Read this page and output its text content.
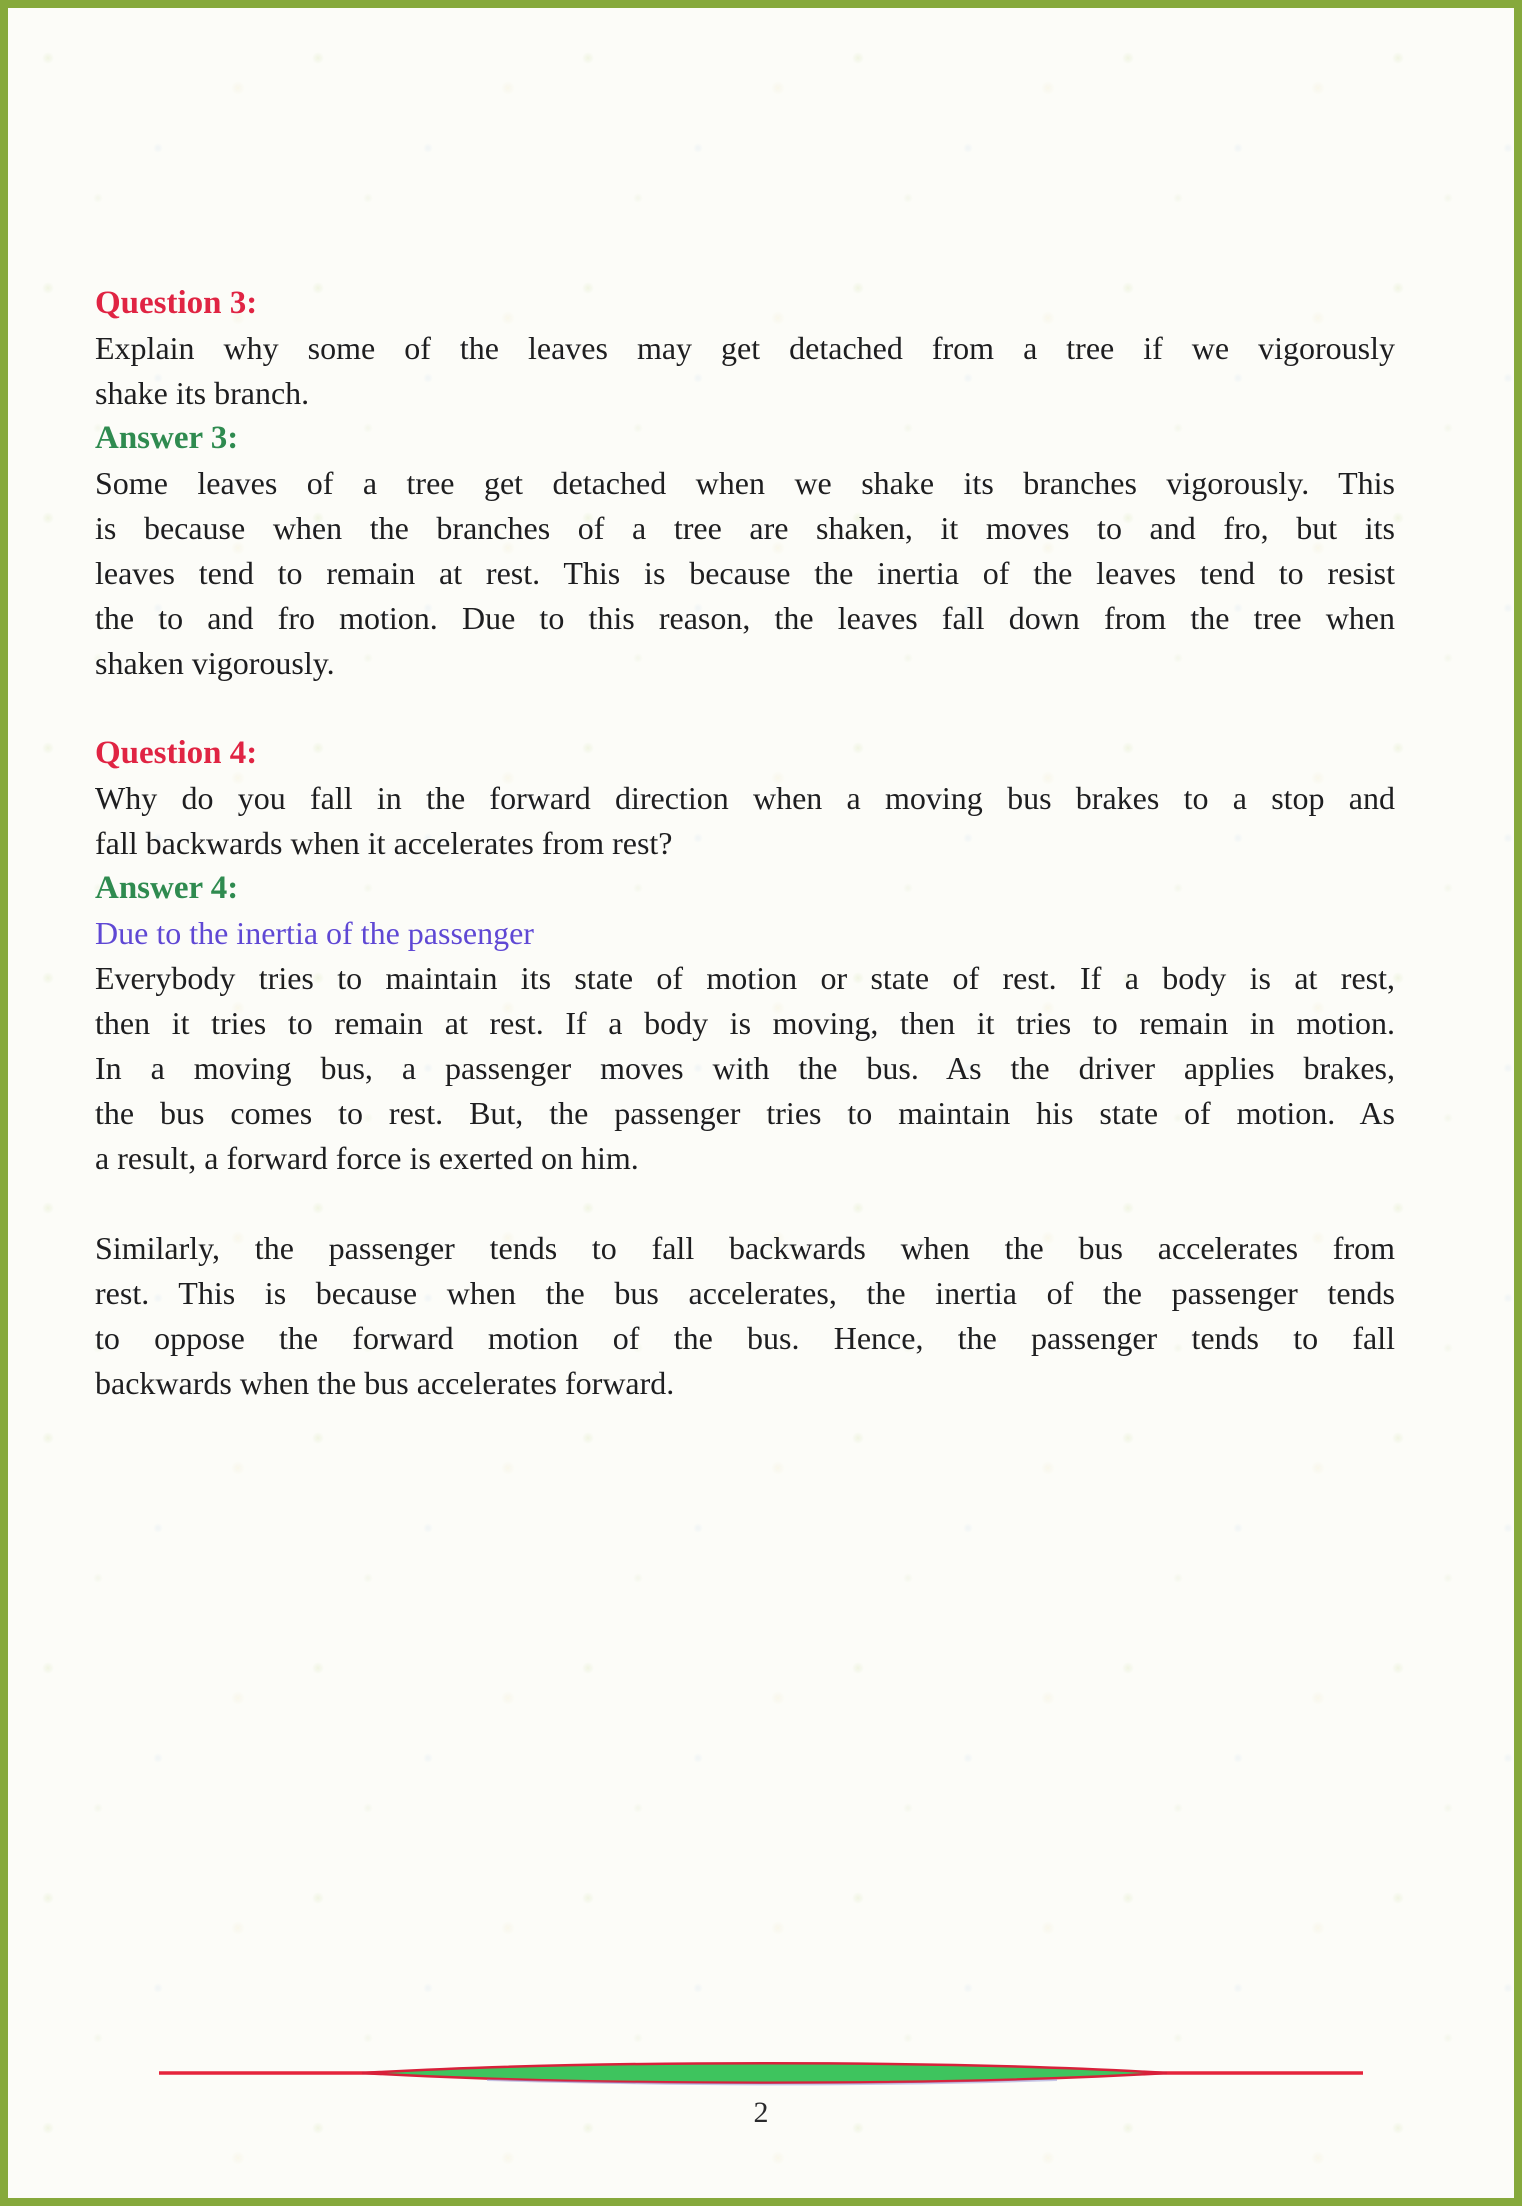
Question 3:
Explain why some of the leaves may get detached from a tree if we vigorously
shake its branch.
Answer 3:
Some leaves of a tree get detached when we shake its branches vigorously. This
is because when the branches of a tree are shaken, it moves to and fro, but its
leaves tend to remain at rest. This is because the inertia of the leaves tend to resist
the to and fro motion. Due to this reason, the leaves fall down from the tree when
shaken vigorously.
Question 4:
Why do you fall in the forward direction when a moving bus brakes to a stop and
fall backwards when it accelerates from rest?
Answer 4:
Due to the inertia of the passenger
Everybody tries to maintain its state of motion or state of rest. If a body is at rest,
then it tries to remain at rest. If a body is moving, then it tries to remain in motion.
In a moving bus, a passenger moves with the bus. As the driver applies brakes,
the bus comes to rest. But, the passenger tries to maintain his state of motion. As
a result, a forward force is exerted on him.
Similarly, the passenger tends to fall backwards when the bus accelerates from
rest. This is because when the bus accelerates, the inertia of the passenger tends
to oppose the forward motion of the bus. Hence, the passenger tends to fall
backwards when the bus accelerates forward.
2
